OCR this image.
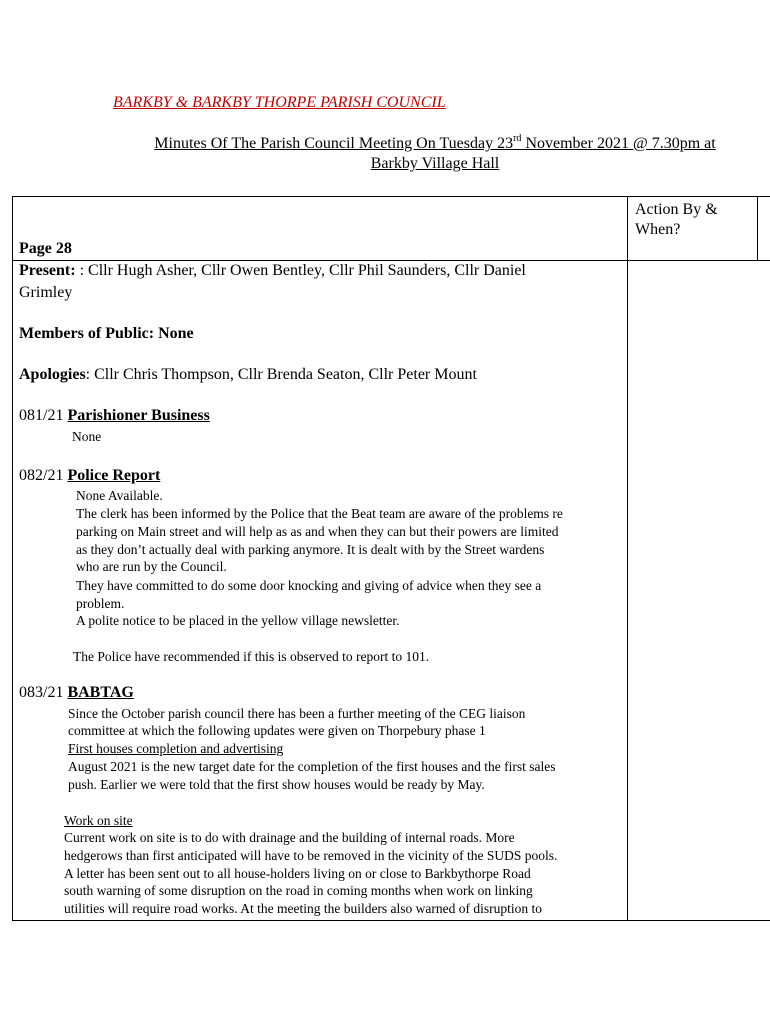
BARKBY & BARKBY THORPE PARISH COUNCIL
Minutes Of The Parish Council Meeting On Tuesday 23rd November 2021 @ 7.30pm at
Barkby Village Hall
Action By & When?
Page 28
Present: : Cllr Hugh Asher, Cllr Owen Bentley, Cllr Phil Saunders, Cllr Daniel
Grimley
Members of Public: None
Apologies: Cllr Chris Thompson, Cllr Brenda Seaton, Cllr Peter Mount
081/21 Parishioner Business
None
082/21 Police Report
None Available.
The clerk has been informed by the Police that the Beat team are aware of the problems re
parking on Main street and will help as as and when they can but their powers are limited
as they don’t actually deal with parking anymore. It is dealt with by the Street wardens
who are run by the Council.
They have committed to do some door knocking and giving of advice when they see a
problem.
A polite notice to be placed in the yellow village newsletter.
The Police have recommended if this is observed to report to 101.
083/21 BABTAG
Since the October parish council there has been a further meeting of the CEG liaison
committee at which the following updates were given on Thorpebury phase 1
First houses completion and advertising
August 2021 is the new target date for the completion of the first houses and the first sales
push. Earlier we were told that the first show houses would be ready by May.
Work on site
Current work on site is to do with drainage and the building of internal roads. More
hedgerows than first anticipated will have to be removed in the vicinity of the SUDS pools.
A letter has been sent out to all house-holders living on or close to Barkbythorpe Road
south warning of some disruption on the road in coming months when work on linking
utilities will require road works. At the meeting the builders also warned of disruption to
